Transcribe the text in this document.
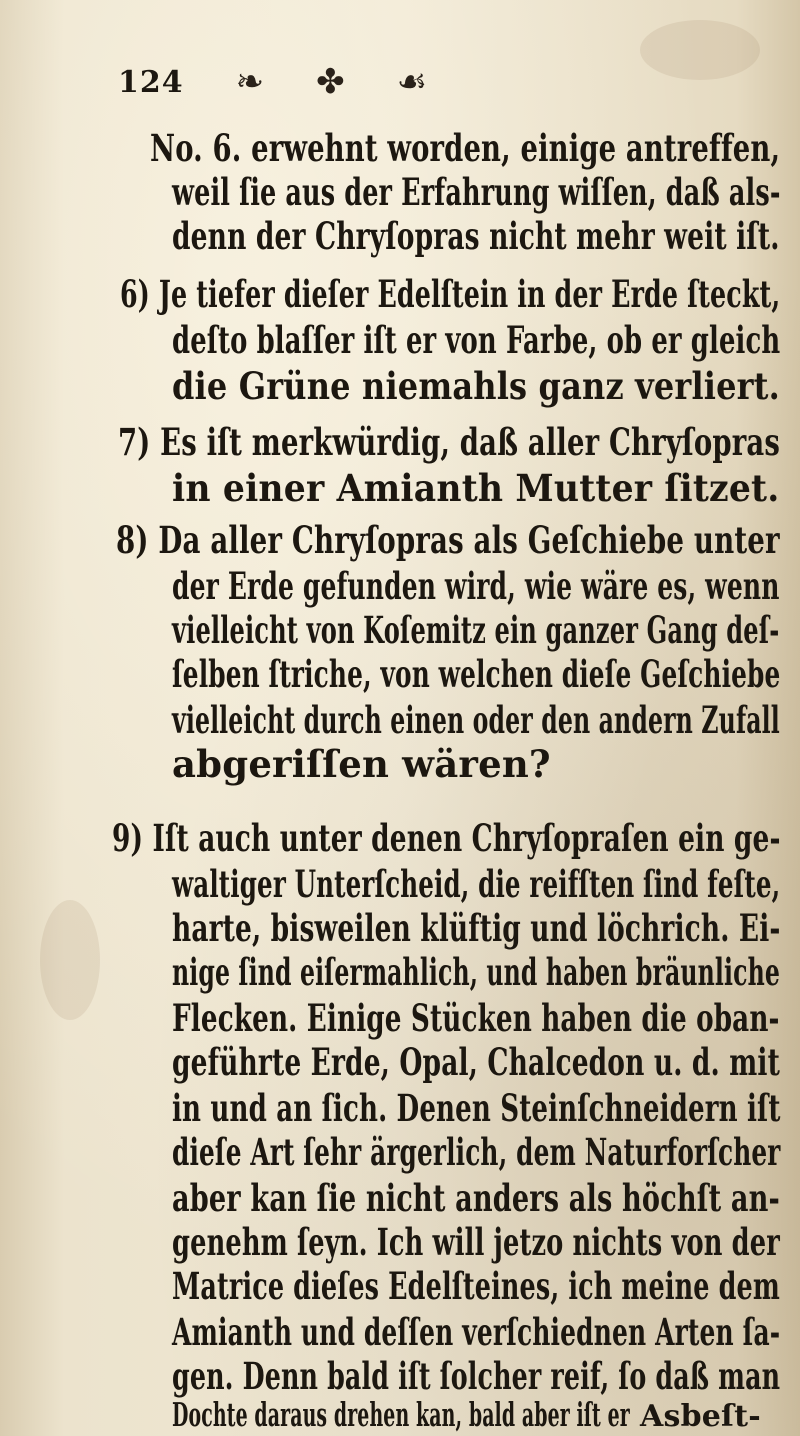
124 ❧ ✤ ☙
No. 6. erwehnt worden, einige antreffen,
weil ſie aus der Erfahrung wiſſen, daß als-
denn der Chryſopras nicht mehr weit iſt.
6) Je tiefer dieſer Edelſtein in der Erde ſteckt,
deſto blaſſer iſt er von Farbe, ob er gleich
die Grüne niemahls ganz verliert.
7) Es iſt merkwürdig, daß aller Chryſopras
in einer Amianth Mutter ſitzet.
8) Da aller Chryſopras als Geſchiebe unter
der Erde gefunden wird, wie wäre es, wenn
vielleicht von Koſemitz ein ganzer Gang deſ-
ſelben ſtriche, von welchen dieſe Geſchiebe
vielleicht durch einen oder den andern Zufall
abgeriſſen wären?
9) Iſt auch unter denen Chryſopraſen ein ge-
waltiger Unterſcheid, die reifſten ſind feſte,
harte, bisweilen klüftig und löchrich. Ei-
nige ſind eiſermahlich, und haben bräunliche
Flecken. Einige Stücken haben die oban-
geführte Erde, Opal, Chalcedon u. d. mit
in und an ſich. Denen Steinſchneidern iſt
dieſe Art ſehr ärgerlich, dem Naturforſcher
aber kan ſie nicht anders als höchſt an-
genehm ſeyn. Ich will jetzo nichts von der
Matrice dieſes Edelſteines, ich meine dem
Amianth und deſſen verſchiednen Arten ſa-
gen. Denn bald iſt ſolcher reif, ſo daß man
Dochte daraus drehen kan, bald aber iſt er Asbeſt-
